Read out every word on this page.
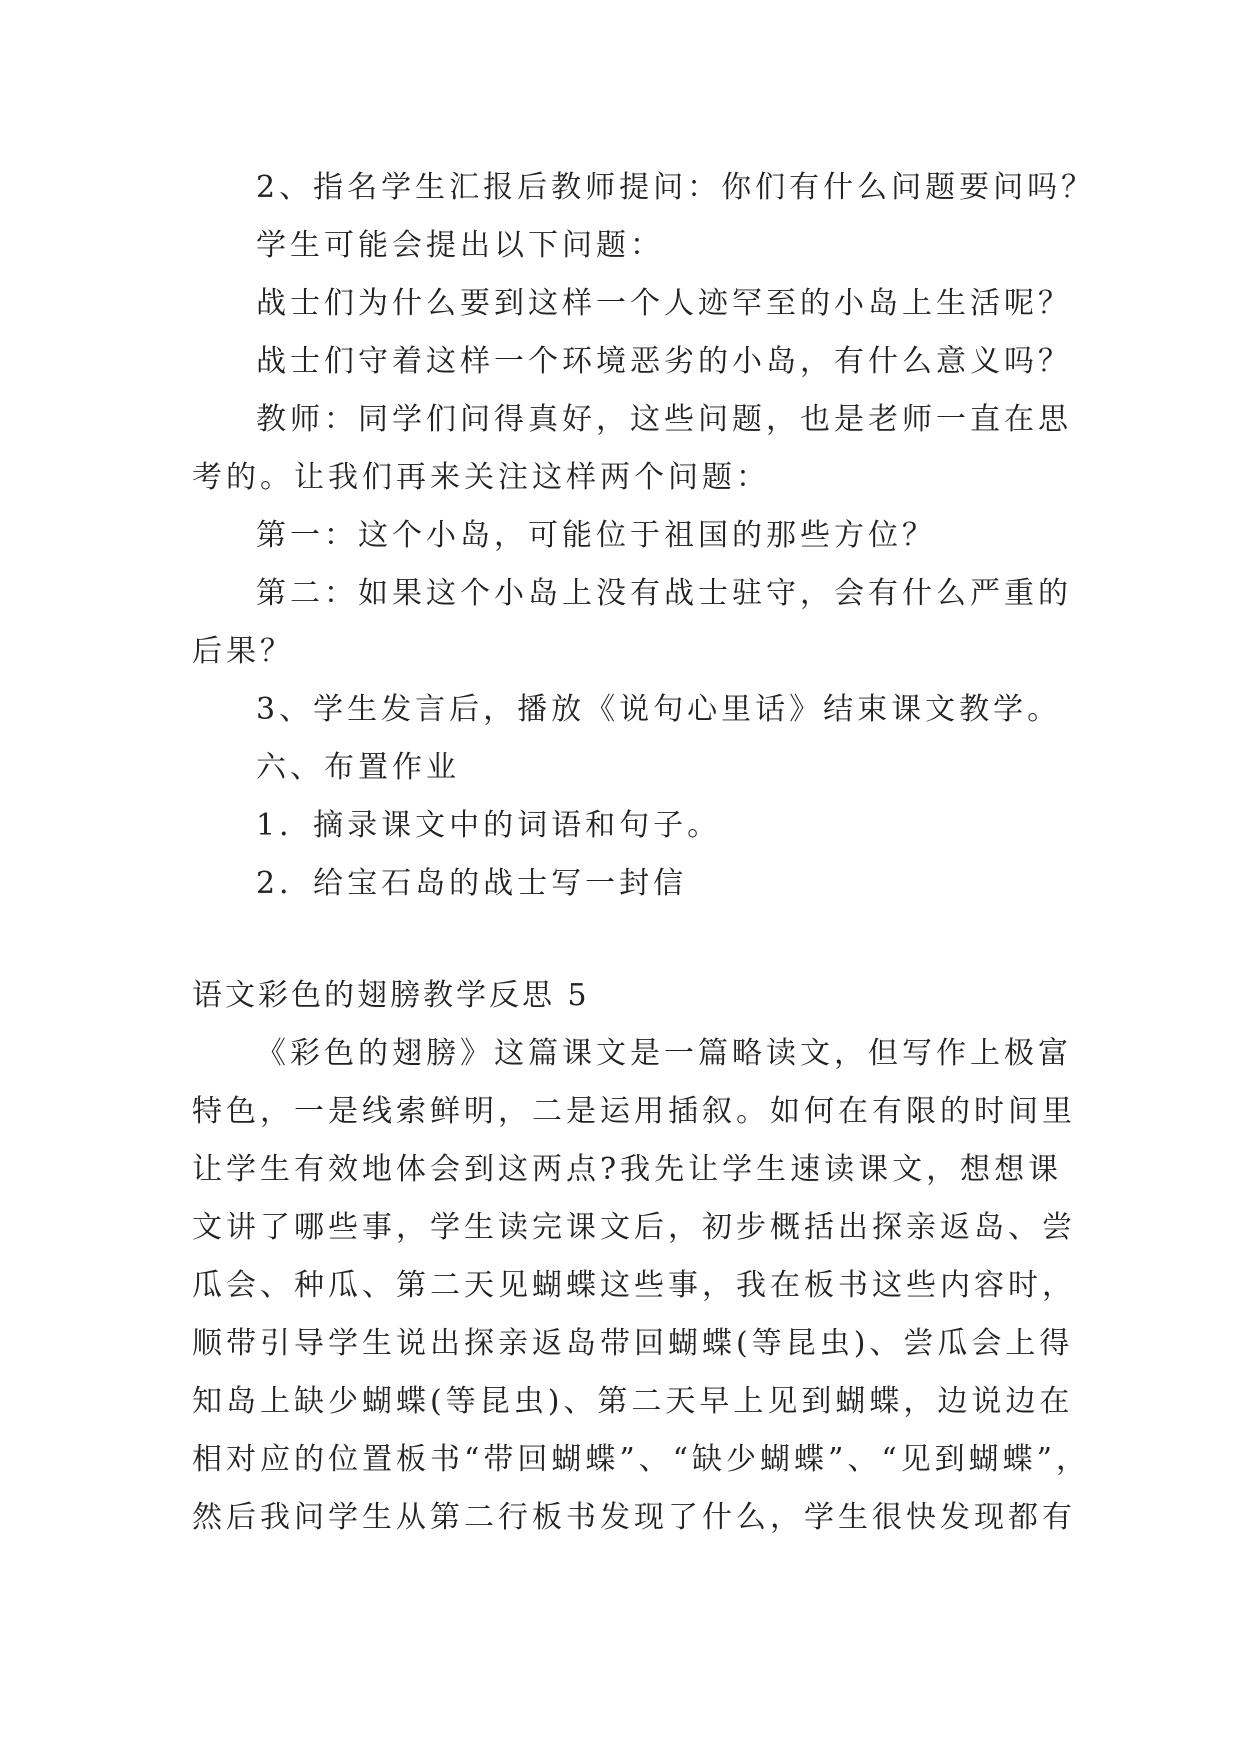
2、指名学生汇报后教师提问：你们有什么问题要问吗？
学生可能会提出以下问题：
战士们为什么要到这样一个人迹罕至的小岛上生活呢？
战士们守着这样一个环境恶劣的小岛，有什么意义吗？
教师：同学们问得真好，这些问题，也是老师一直在思
考的。让我们再来关注这样两个问题：
第一：这个小岛，可能位于祖国的那些方位？
第二：如果这个小岛上没有战士驻守，会有什么严重的
后果？
3、学生发言后，播放《说句心里话》结束课文教学。
六、布置作业
1．摘录课文中的词语和句子。
2．给宝石岛的战士写一封信
语文彩色的翅膀教学反思 5
《彩色的翅膀》这篇课文是一篇略读文，但写作上极富
特色，一是线索鲜明，二是运用插叙。如何在有限的时间里
让学生有效地体会到这两点?我先让学生速读课文，想想课
文讲了哪些事，学生读完课文后，初步概括出探亲返岛、尝
瓜会、种瓜、第二天见蝴蝶这些事，我在板书这些内容时，
顺带引导学生说出探亲返岛带回蝴蝶(等昆虫)、尝瓜会上得
知岛上缺少蝴蝶(等昆虫)、第二天早上见到蝴蝶，边说边在
相对应的位置板书“带回蝴蝶”、“缺少蝴蝶”、“见到蝴蝶”，
然后我问学生从第二行板书发现了什么，学生很快发现都有
